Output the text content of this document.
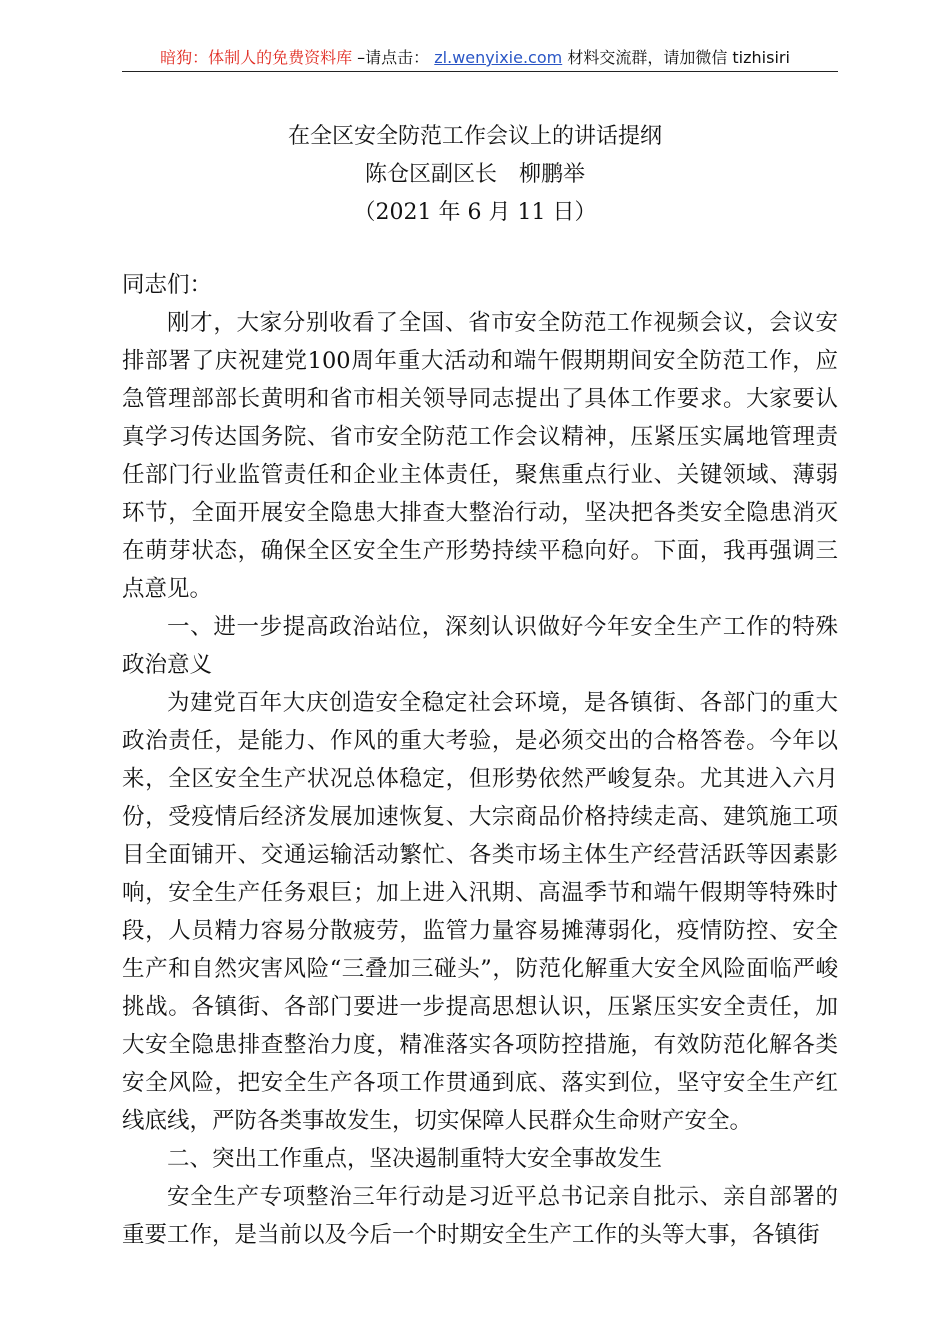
暗狗：体制人的免费资料库 –请点击： zl.wenyixie.com 材料交流群，请加微信 tizhisiri
在全区安全防范工作会议上的讲话提纲
陈仓区副区长　柳鹏举
（2021 年 6 月 11 日）

同志们：

刚才，大家分别收看了全国、省市安全防范工作视频会议，会议安排部署了庆祝建党100周年重大活动和端午假期期间安全防范工作，应急管理部部长黄明和省市相关领导同志提出了具体工作要求。大家要认真学习传达国务院、省市安全防范工作会议精神，压紧压实属地管理责任部门行业监管责任和企业主体责任，聚焦重点行业、关键领域、薄弱环节，全面开展安全隐患大排查大整治行动，坚决把各类安全隐患消灭在萌芽状态，确保全区安全生产形势持续平稳向好。下面，我再强调三点意见。

一、进一步提高政治站位，深刻认识做好今年安全生产工作的特殊政治意义

为建党百年大庆创造安全稳定社会环境，是各镇街、各部门的重大政治责任，是能力、作风的重大考验，是必须交出的合格答卷。今年以来，全区安全生产状况总体稳定，但形势依然严峻复杂。尤其进入六月份，受疫情后经济发展加速恢复、大宗商品价格持续走高、建筑施工项目全面铺开、交通运输活动繁忙、各类市场主体生产经营活跃等因素影响，安全生产任务艰巨；加上进入汛期、高温季节和端午假期等特殊时段，人员精力容易分散疲劳，监管力量容易摊薄弱化，疫情防控、安全生产和自然灾害风险“三叠加三碰头”，防范化解重大安全风险面临严峻挑战。各镇街、各部门要进一步提高思想认识，压紧压实安全责任，加大安全隐患排查整治力度，精准落实各项防控措施，有效防范化解各类安全风险，把安全生产各项工作贯通到底、落实到位，坚守安全生产红线底线，严防各类事故发生，切实保障人民群众生命财产安全。

二、突出工作重点，坚决遏制重特大安全事故发生

安全生产专项整治三年行动是习近平总书记亲自批示、亲自部署的重要工作，是当前以及今后一个时期安全生产工作的头等大事，各镇街
